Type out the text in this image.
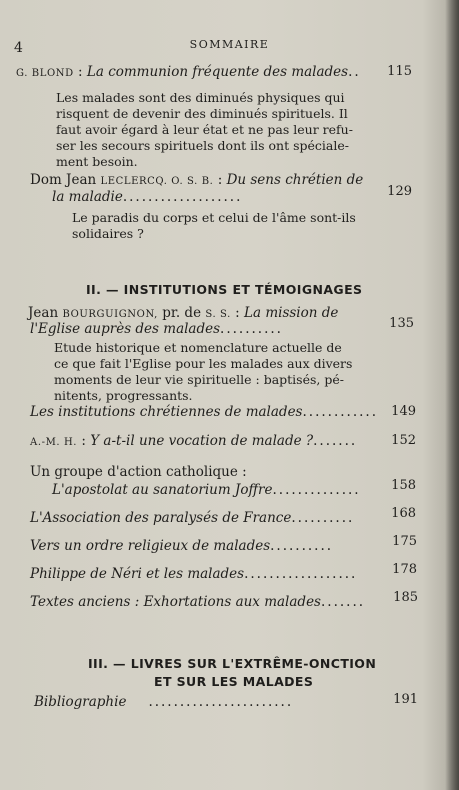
4	SOMMAIRE
G. BLOND : La communion fréquente des malades..	115
Les malades sont des diminués physiques qui
risquent de devenir des diminués spirituels. Il
faut avoir égard à leur état et ne pas leur refu-
ser les secours spirituels dont ils ont spéciale-
ment besoin.
Dom Jean LECLERCQ. O. S. B. : Du sens chrétien de
la maladie...................	129
Le paradis du corps et celui de l'âme sont-ils
solidaires ?
II. — INSTITUTIONS ET TÉMOIGNAGES
Jean BOURGUIGNON, pr. de S. S. : La mission de
l'Eglise auprès des malades..........	135
Etude historique et nomenclature actuelle de
ce que fait l'Eglise pour les malades aux divers
moments de leur vie spirituelle : baptisés, pé-
nitents, progressants.
Les institutions chrétiennes de malades............	149
A.-M. H. : Y a-t-il une vocation de malade ?.......	152
Un groupe d'action catholique :
L'apostolat au sanatorium Joffre..............	158
L'Association des paralysés de France..........	168
Vers un ordre religieux de malades..........	175
Philippe de Néri et les malades..................	178
Textes anciens : Exhortations aux malades.......	185
III. — LIVRES SUR L'EXTRÊME-ONCTION
ET SUR LES MALADES
Bibliographie .......................	191
